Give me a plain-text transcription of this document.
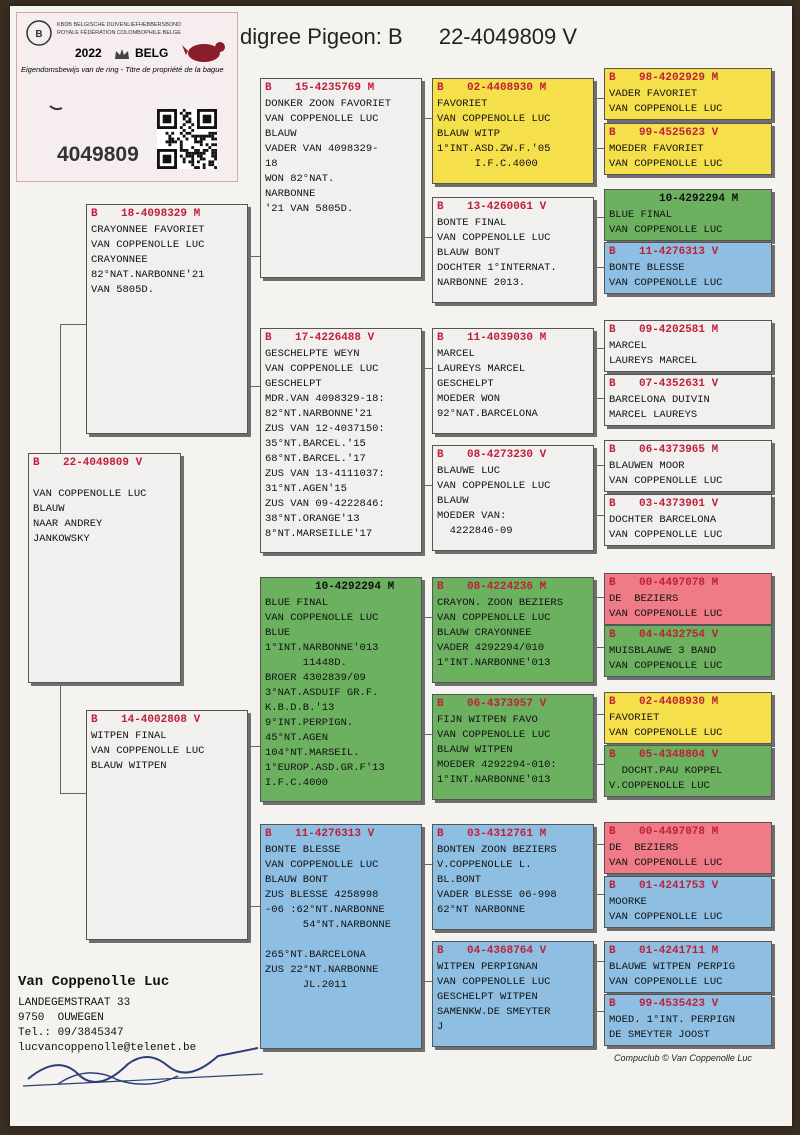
B
KBDB BELGISCHE DUIVENLIEFHEBBERSBOND
ROYALE FÉDÉRATION COLOMBOPHILE BELGE
2022	BELG
Eigendomsbewijs van de ring - Titre de propriété de la bague
4049809
digree Pigeon: B 22-4049809 V
B 22-4049809 V
VAN COPPENOLLE LUC
BLAUW
NAAR ANDREY
JANKOWSKY
B 18-4098329 M
CRAYONNEE FAVORIET
VAN COPPENOLLE LUC
CRAYONNEE
82°NAT.NARBONNE'21
VAN 5805D.
B 14-4002808 V
WITPEN FINAL
VAN COPPENOLLE LUC
BLAUW WITPEN
B 15-4235769 M
DONKER ZOON FAVORIET
VAN COPPENOLLE LUC
BLAUW
VADER VAN 4098329-
18
WON 82°NAT.
NARBONNE
'21 VAN 5805D.
B 17-4226488 V
GESCHELPTE WEYN
VAN COPPENOLLE LUC
GESCHELPT
MDR.VAN 4098329-18:
82°NT.NARBONNE'21
ZUS VAN 12-4037150:
35°NT.BARCEL.'15
68°NT.BARCEL.'17
ZUS VAN 13-4111037:
31°NT.AGEN'15
ZUS VAN 09-4222846:
38°NT.ORANGE'13
8°NT.MARSEILLE'17
10-4292294 M
BLUE FINAL
VAN COPPENOLLE LUC
BLUE
1°INT.NARBONNE'013
11448D.
BROER 4302839/09
3°NAT.ASDUIF GR.F.
K.B.D.B.'13
9°INT.PERPIGN.
45°NT.AGEN
104°NT.MARSEIL.
1°EUROP.ASD.GR.F'13
I.F.C.4000
B 11-4276313 V
BONTE BLESSE
VAN COPPENOLLE LUC
BLAUW BONT
ZUS BLESSE 4258998
-06 :62°NT.NARBONNE
54°NT.NARBONNE
265°NT.BARCELONA
ZUS 22°NT.NARBONNE
JL.2011
B 02-4408930 M
FAVORIET
VAN COPPENOLLE LUC
BLAUW WITP
1°INT.ASD.ZW.F.'05
I.F.C.4000
B 13-4260061 V
BONTE FINAL
VAN COPPENOLLE LUC
BLAUW BONT
DOCHTER 1°INTERNAT.
NARBONNE 2013.
B 11-4039030 M
MARCEL
LAUREYS MARCEL
GESCHELPT
MOEDER WON
92°NAT.BARCELONA
B 08-4273230 V
BLAUWE LUC
VAN COPPENOLLE LUC
BLAUW
MOEDER VAN:
4222846-09
B 08-4224236 M
CRAYON. ZOON BEZIERS
VAN COPPENOLLE LUC
BLAUW CRAYONNEE
VADER 4292294/010
1°INT.NARBONNE'013
B 06-4373957 V
FIJN WITPEN FAVO
VAN COPPENOLLE LUC
BLAUW WITPEN
MOEDER 4292294-010:
1°INT.NARBONNE'013
B 03-4312761 M
BONTEN ZOON BEZIERS
V.COPPENOLLE L.
BL.BONT
VADER BLESSE 06-998
62°NT NARBONNE
B 04-4368764 V
WITPEN PERPIGNAN
VAN COPPENOLLE LUC
GESCHELPT WITPEN
SAMENKW.DE SMEYTER
J
B 98-4202929 M
VADER FAVORIET
VAN COPPENOLLE LUC
B 99-4525623 V
MOEDER FAVORIET
VAN COPPENOLLE LUC
10-4292294 M
BLUE FINAL
VAN COPPENOLLE LUC
B 11-4276313 V
BONTE BLESSE
VAN COPPENOLLE LUC
B 09-4202581 M
MARCEL
LAUREYS MARCEL
B 07-4352631 V
BARCELONA DUIVIN
MARCEL LAUREYS
B 06-4373965 M
BLAUWEN MOOR
VAN COPPENOLLE LUC
B 03-4373901 V
DOCHTER BARCELONA
VAN COPPENOLLE LUC
B 00-4497078 M
DE  BEZIERS
VAN COPPENOLLE LUC
B 04-4432754 V
MUISBLAUWE 3 BAND
VAN COPPENOLLE LUC
B 02-4408930 M
FAVORIET
VAN COPPENOLLE LUC
B 05-4348804 V
DOCHT.PAU KOPPEL
V.COPPENOLLE LUC
B 00-4497078 M
DE  BEZIERS
VAN COPPENOLLE LUC
B 01-4241753 V
MOORKE
VAN COPPENOLLE LUC
B 01-4241711 M
BLAUWE WITPEN PERPIG
VAN COPPENOLLE LUC
B 99-4535423 V
MOED. 1°INT. PERPIGN
DE SMEYTER JOOST
Van Coppenolle Luc
LANDEGEMSTRAAT 33
9750  OUWEGEN
Tel.: 09/3845347
lucvancoppenolle@telenet.be
Compuclub © Van Coppenolle Luc
